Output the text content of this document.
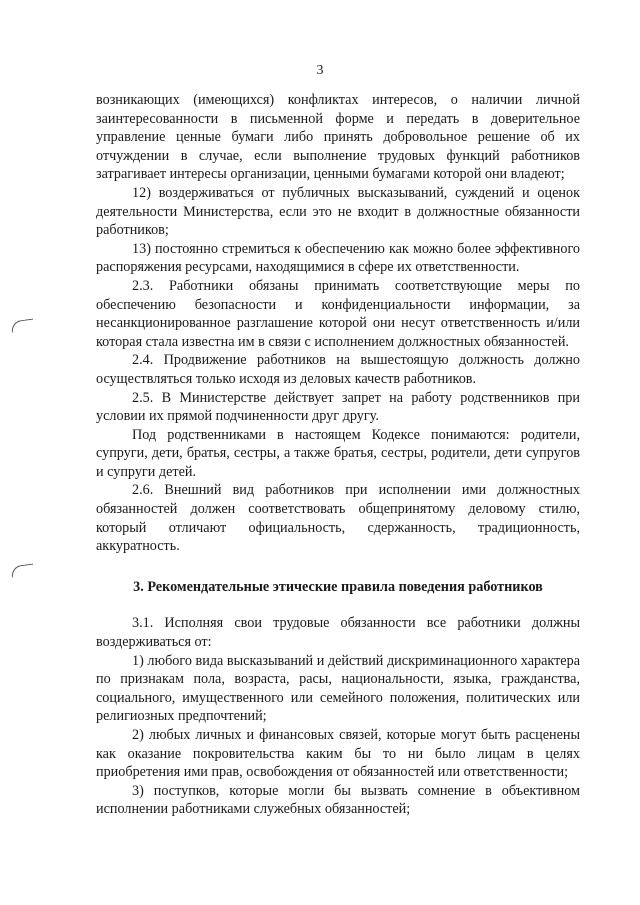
3

возникающих (имеющихся) конфликтах интересов, о наличии личной заинтересованности в письменной форме и передать в доверительное управление ценные бумаги либо принять добровольное решение об их отчуждении в случае, если выполнение трудовых функций работников затрагивает интересы организации, ценными бумагами которой они владеют;

12) воздерживаться от публичных высказываний, суждений и оценок деятельности Министерства, если это не входит в должностные обязанности работников;

13) постоянно стремиться к обеспечению как можно более эффективного распоряжения ресурсами, находящимися в сфере их ответственности.

2.3. Работники обязаны принимать соответствующие меры по обеспечению безопасности и конфиденциальности информации, за несанкционированное разглашение которой они несут ответственность и/или которая стала известна им в связи с исполнением должностных обязанностей.

2.4. Продвижение работников на вышестоящую должность должно осуществляться только исходя из деловых качеств работников.

2.5. В Министерстве действует запрет на работу родственников при условии их прямой подчиненности друг другу.

Под родственниками в настоящем Кодексе понимаются: родители, супруги, дети, братья, сестры, а также братья, сестры, родители, дети супругов и супруги детей.

2.6. Внешний вид работников при исполнении ими должностных обязанностей должен соответствовать общепринятому деловому стилю, который отличают официальность, сдержанность, традиционность, аккуратность.

3. Рекомендательные этические правила поведения работников

3.1. Исполняя свои трудовые обязанности все работники должны воздерживаться от:

1) любого вида высказываний и действий дискриминационного характера по признакам пола, возраста, расы, национальности, языка, гражданства, социального, имущественного или семейного положения, политических или религиозных предпочтений;

2) любых личных и финансовых связей, которые могут быть расценены как оказание покровительства каким бы то ни было лицам в целях приобретения ими прав, освобождения от обязанностей или ответственности;

3) поступков, которые могли бы вызвать сомнение в объективном исполнении работниками служебных обязанностей;
